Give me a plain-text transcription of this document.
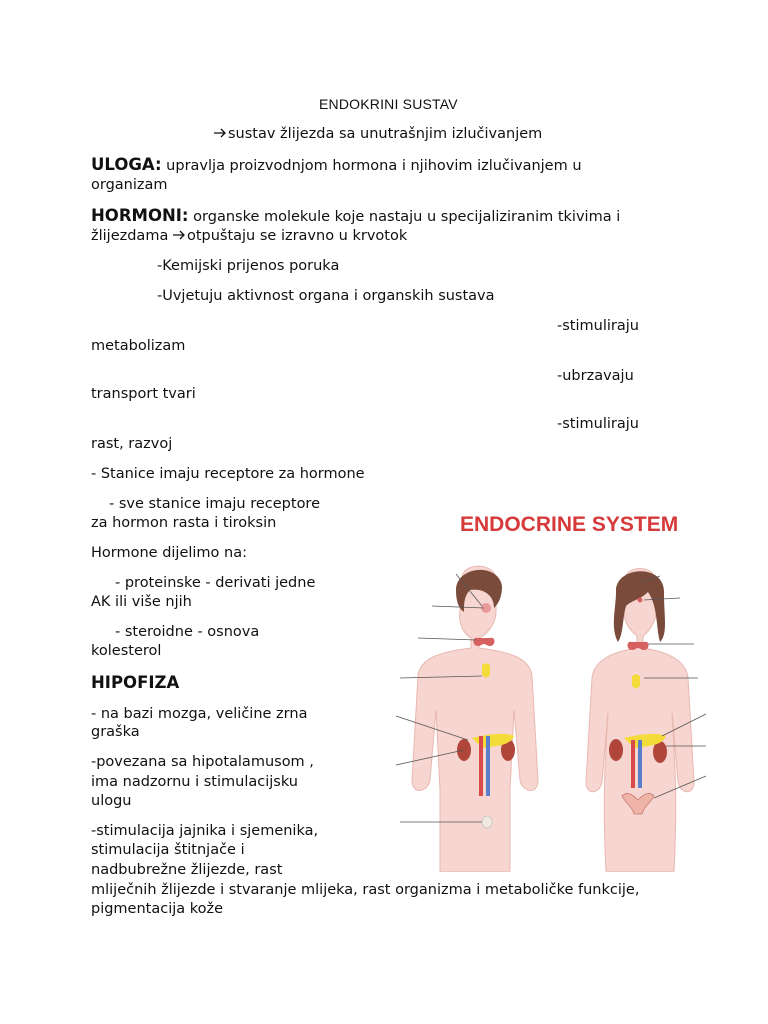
ENDOKRINI SUSTAV
sustav žlijezda sa unutrašnjim izlučivanjem
ULOGA: upravlja proizvodnjom hormona i njihovim izlučivanjem u
organizam
HORMONI: organske molekule koje nastaju u specijaliziranim tkivima i
žlijezdama otpuštaju se izravno u krvotok
-Kemijski prijenos poruka
-Uvjetuju aktivnost organa i organskih sustava
-stimuliraju
metabolizam
-ubrzavaju
transport tvari
-stimuliraju
rast, razvoj
- Stanice imaju receptore za hormone
- sve stanice imaju receptore
za hormon rasta i tiroksin
Hormone dijelimo na:
- proteinske - derivati jedne
AK ili više njih
- steroidne - osnova
kolesterol
HIPOFIZA
- na bazi mozga, veličine zrna
graška
-povezana sa hipotalamusom ,
ima nadzornu i stimulacijsku
ulogu
-stimulacija jajnika i sjemenika,
stimulacija štitnjače i
nadbubrežne žlijezde, rast
mliječnih žlijezde i stvaranje mlijeka, rast organizma i metaboličke funkcije,
pigmentacija kože
ENDOCRINE SYSTEM
